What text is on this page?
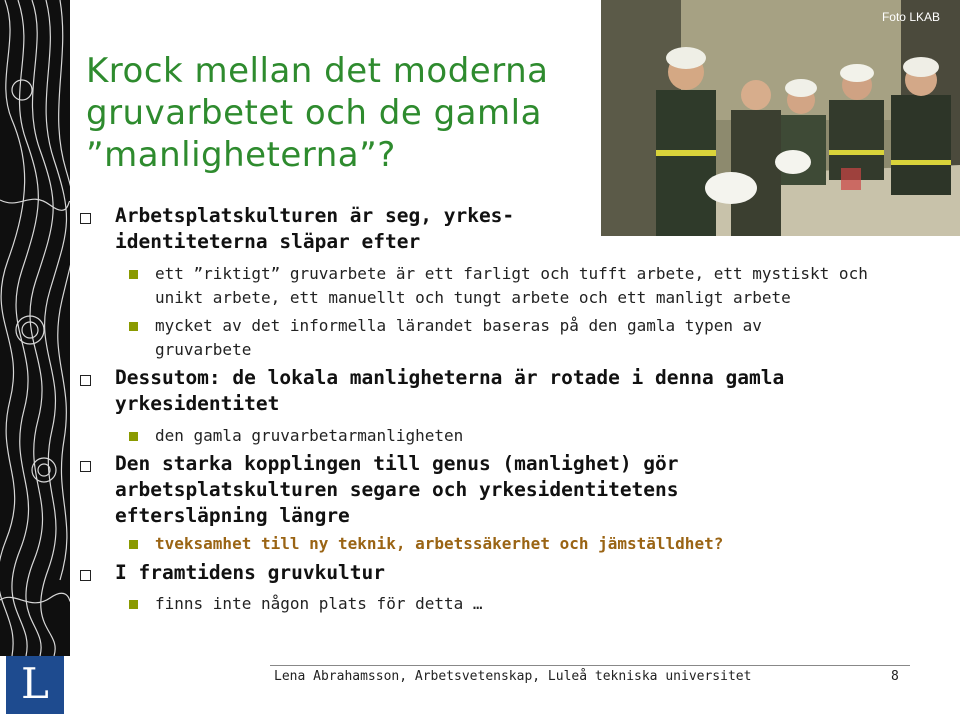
Foto LKAB
Krock mellan det moderna gruvarbetet och de gamla ”manligheterna”?
Arbetsplatskulturen är seg, yrkes-
identiteterna släpar efter
ett ”riktigt” gruvarbete är ett farligt och tufft arbete, ett mystiskt och
unikt arbete, ett manuellt och tungt arbete och ett manligt arbete
mycket av det informella lärandet baseras på den gamla typen av
gruvarbete
Dessutom: de lokala manligheterna är rotade i denna gamla
yrkesidentitet
den gamla gruvarbetarmanligheten
Den starka kopplingen till genus (manlighet) gör
arbetsplatskulturen segare och yrkesidentitetens
eftersläpning längre
tveksamhet till ny teknik, arbetssäkerhet och jämställdhet?
I framtidens gruvkultur
finns inte någon plats för detta …
L	Lena Abrahamsson, Arbetsvetenskap, Luleå tekniska universitet	8
